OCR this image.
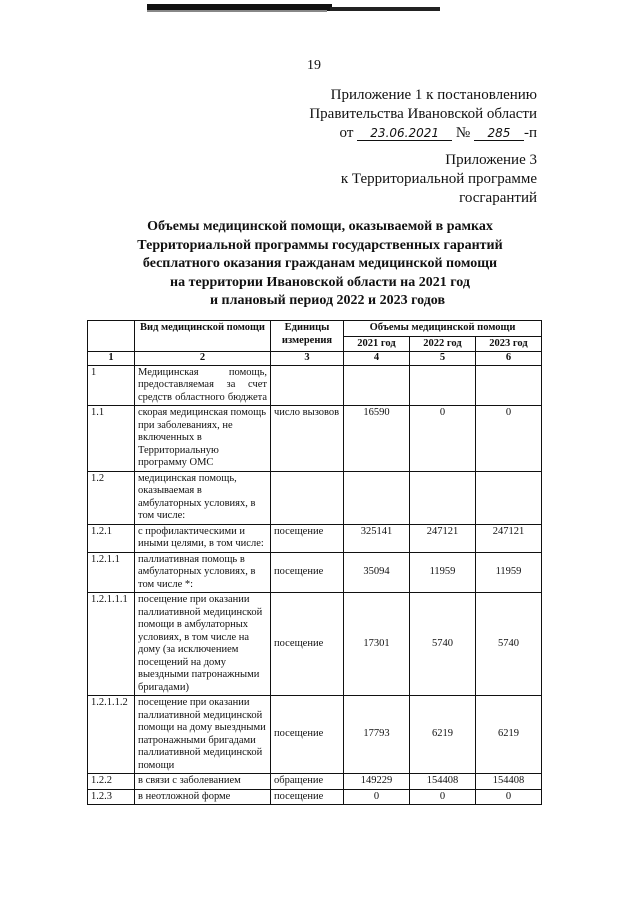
19
Приложение 1 к постановлению
Правительства Ивановской области
от 23.06.2021 № 285 -п
Приложение 3
к Территориальной программе
госгарантий
Объемы медицинской помощи, оказываемой в рамках
Территориальной программы государственных гарантий
бесплатного оказания гражданам медицинской помощи
на территории Ивановской области на 2021 год
и плановый период 2022 и 2023 годов
	Вид медицинской помощи	Единицы измерения	Объемы медицинской помощи		
			2021 год	2022 год	2023 год
1	2	3	4	5	6
1	Медицинская помощь, предоставляемая за счет средств областного бюджета				
1.1	скорая медицинская помощь при заболеваниях, не включенных в Территориальную программу ОМС	число вызовов	16590	0	0
1.2	медицинская помощь, оказываемая в амбулаторных условиях, в том числе:				
1.2.1	с профилактическими и иными целями, в том числе:	посещение	325141	247121	247121
1.2.1.1	паллиативная помощь в амбулаторных условиях, в том числе *:	посещение	35094	11959	11959
1.2.1.1.1	посещение при оказании паллиативной медицинской помощи в амбулаторных условиях, в том числе на дому (за исключением посещений на дому выездными патронажными бригадами)	посещение	17301	5740	5740
1.2.1.1.2	посещение при оказании паллиативной медицинской помощи на дому выездными патронажными бригадами паллиативной медицинской помощи	посещение	17793	6219	6219
1.2.2	в связи с заболеванием	обращение	149229	154408	154408
1.2.3	в неотложной форме	посещение	0	0	0
